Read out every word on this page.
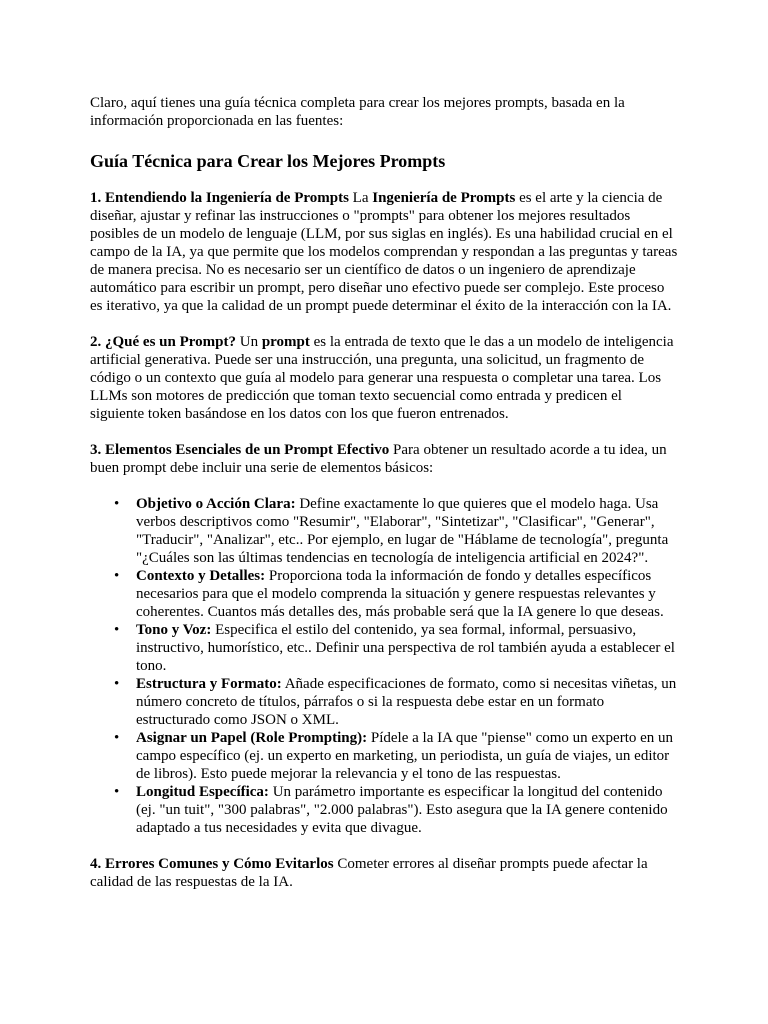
Claro, aquí tienes una guía técnica completa para crear los mejores prompts, basada en la información proporcionada en las fuentes:

Guía Técnica para Crear los Mejores Prompts

1. Entendiendo la Ingeniería de Prompts La Ingeniería de Prompts es el arte y la ciencia de diseñar, ajustar y refinar las instrucciones o "prompts" para obtener los mejores resultados posibles de un modelo de lenguaje (LLM, por sus siglas en inglés). Es una habilidad crucial en el campo de la IA, ya que permite que los modelos comprendan y respondan a las preguntas y tareas de manera precisa. No es necesario ser un científico de datos o un ingeniero de aprendizaje automático para escribir un prompt, pero diseñar uno efectivo puede ser complejo. Este proceso es iterativo, ya que la calidad de un prompt puede determinar el éxito de la interacción con la IA.

2. ¿Qué es un Prompt? Un prompt es la entrada de texto que le das a un modelo de inteligencia artificial generativa. Puede ser una instrucción, una pregunta, una solicitud, un fragmento de código o un contexto que guía al modelo para generar una respuesta o completar una tarea. Los LLMs son motores de predicción que toman texto secuencial como entrada y predicen el siguiente token basándose en los datos con los que fueron entrenados.

3. Elementos Esenciales de un Prompt Efectivo Para obtener un resultado acorde a tu idea, un buen prompt debe incluir una serie de elementos básicos:

• Objetivo o Acción Clara: Define exactamente lo que quieres que el modelo haga. Usa verbos descriptivos como "Resumir", "Elaborar", "Sintetizar", "Clasificar", "Generar", "Traducir", "Analizar", etc.. Por ejemplo, en lugar de "Háblame de tecnología", pregunta "¿Cuáles son las últimas tendencias en tecnología de inteligencia artificial en 2024?".
• Contexto y Detalles: Proporciona toda la información de fondo y detalles específicos necesarios para que el modelo comprenda la situación y genere respuestas relevantes y coherentes. Cuantos más detalles des, más probable será que la IA genere lo que deseas.
• Tono y Voz: Especifica el estilo del contenido, ya sea formal, informal, persuasivo, instructivo, humorístico, etc.. Definir una perspectiva de rol también ayuda a establecer el tono.
• Estructura y Formato: Añade especificaciones de formato, como si necesitas viñetas, un número concreto de títulos, párrafos o si la respuesta debe estar en un formato estructurado como JSON o XML.
• Asignar un Papel (Role Prompting): Pídele a la IA que "piense" como un experto en un campo específico (ej. un experto en marketing, un periodista, un guía de viajes, un editor de libros). Esto puede mejorar la relevancia y el tono de las respuestas.
• Longitud Específica: Un parámetro importante es especificar la longitud del contenido (ej. "un tuit", "300 palabras", "2.000 palabras"). Esto asegura que la IA genere contenido adaptado a tus necesidades y evita que divague.

4. Errores Comunes y Cómo Evitarlos Cometer errores al diseñar prompts puede afectar la calidad de las respuestas de la IA.
